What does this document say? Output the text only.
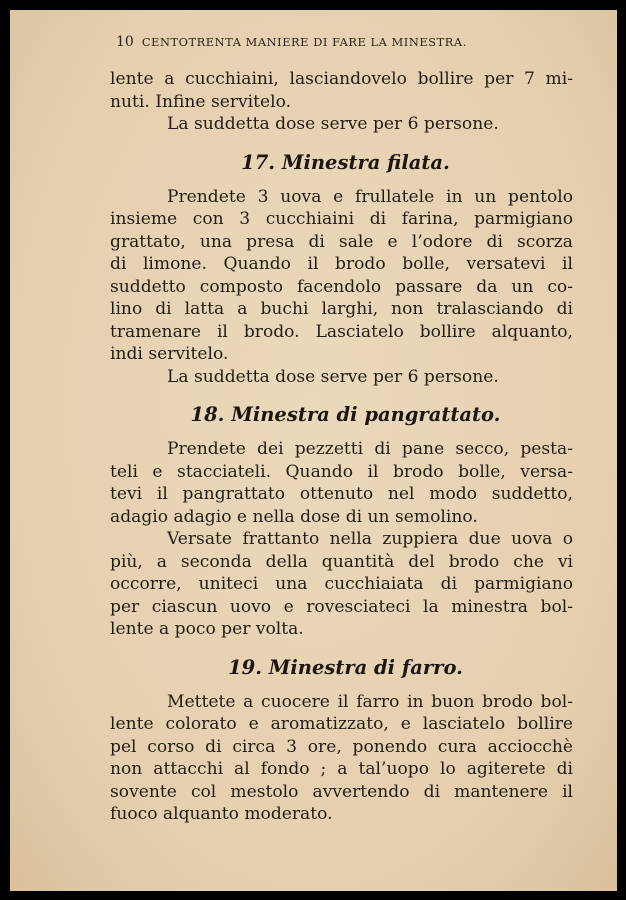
10 CENTOTRENTA MANIERE DI FARE LA MINESTRA.
lente a cucchiaini, lasciandovelo bollire per 7 mi-
nuti. Infine servitelo.
La suddetta dose serve per 6 persone.
17. Minestra filata.
Prendete 3 uova e frullatele in un pentolo
insieme con 3 cucchiaini di farina, parmigiano
grattato, una presa di sale e l’odore di scorza
di limone. Quando il brodo bolle, versatevi il
suddetto composto facendolo passare da un co-
lino di latta a buchi larghi, non tralasciando di
tramenare il brodo. Lasciatelo bollire alquanto,
indi servitelo.
La suddetta dose serve per 6 persone.
18. Minestra di pangrattato.
Prendete dei pezzetti di pane secco, pesta-
teli e stacciateli. Quando il brodo bolle, versa-
tevi il pangrattato ottenuto nel modo suddetto,
adagio adagio e nella dose di un semolino.
Versate frattanto nella zuppiera due uova o
più, a seconda della quantità del brodo che vi
occorre, uniteci una cucchiaiata di parmigiano
per ciascun uovo e rovesciateci la minestra bol-
lente a poco per volta.
19. Minestra di farro.
Mettete a cuocere il farro in buon brodo bol-
lente colorato e aromatizzato, e lasciatelo bollire
pel corso di circa 3 ore, ponendo cura acciocchè
non attacchi al fondo ; a tal’uopo lo agiterete di
sovente col mestolo avvertendo di mantenere il
fuoco alquanto moderato.
